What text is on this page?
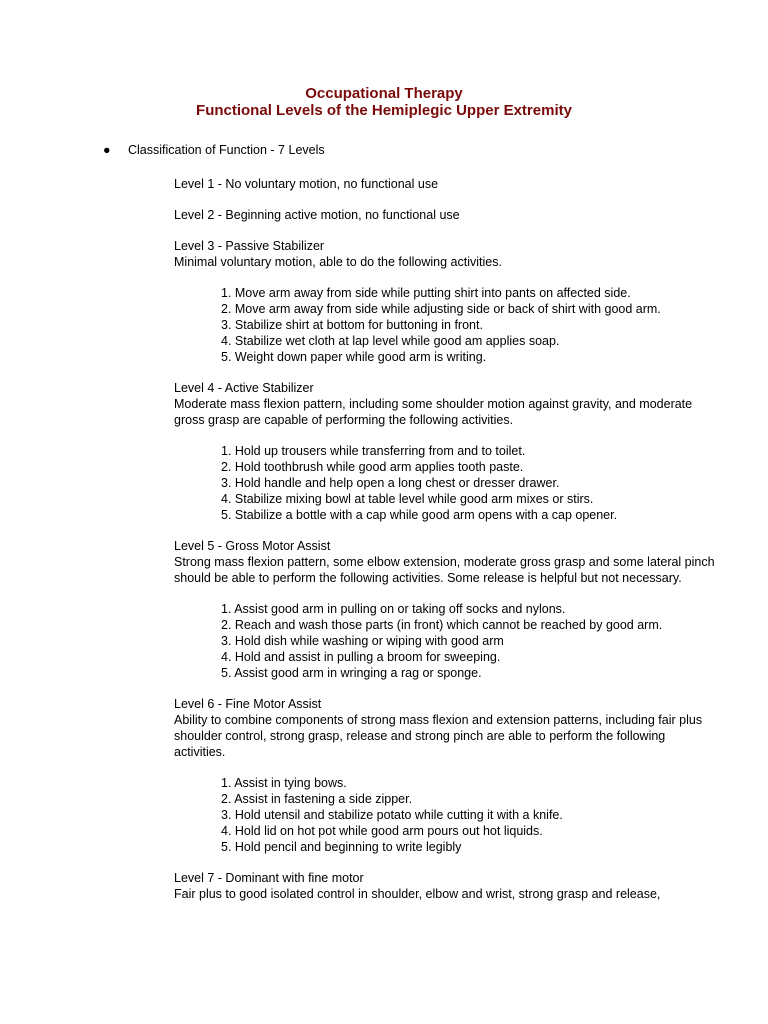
Occupational Therapy
Functional Levels of the Hemiplegic Upper Extremity
● Classification of Function - 7 Levels

Level 1 - No voluntary motion, no functional use

Level 2 - Beginning active motion, no functional use

Level 3 - Passive Stabilizer

Minimal voluntary motion, able to do the following activities.

1. Move arm away from side while putting shirt into pants on affected side.
2. Move arm away from side while adjusting side or back of shirt with good arm.
3. Stabilize shirt at bottom for buttoning in front.
4. Stabilize wet cloth at lap level while good am applies soap.
5. Weight down paper while good arm is writing.

Level 4 - Active Stabilizer

Moderate mass flexion pattern, including some shoulder motion against gravity, and moderate gross grasp are capable of performing the following activities.

1. Hold up trousers while transferring from and to toilet.
2. Hold toothbrush while good arm applies tooth paste.
3. Hold handle and help open a long chest or dresser drawer.
4. Stabilize mixing bowl at table level while good arm mixes or stirs.
5. Stabilize a bottle with a cap while good arm opens with a cap opener.

Level 5 - Gross Motor Assist

Strong mass flexion pattern, some elbow extension, moderate gross grasp and some lateral pinch should be able to perform the following activities. Some release is helpful but not necessary.

1. Assist good arm in pulling on or taking off socks and nylons.
2. Reach and wash those parts (in front) which cannot be reached by good arm.
3. Hold dish while washing or wiping with good arm
4. Hold and assist in pulling a broom for sweeping.
5. Assist good arm in wringing a rag or sponge.

Level 6 - Fine Motor Assist

Ability to combine components of strong mass flexion and extension patterns, including fair plus shoulder control, strong grasp, release and strong pinch are able to perform the following activities.

1. Assist in tying bows.
2. Assist in fastening a side zipper.
3. Hold utensil and stabilize potato while cutting it with a knife.
4. Hold lid on hot pot while good arm pours out hot liquids.
5. Hold pencil and beginning to write legibly

Level 7 - Dominant with fine motor

Fair plus to good isolated control in shoulder, elbow and wrist, strong grasp and release,
